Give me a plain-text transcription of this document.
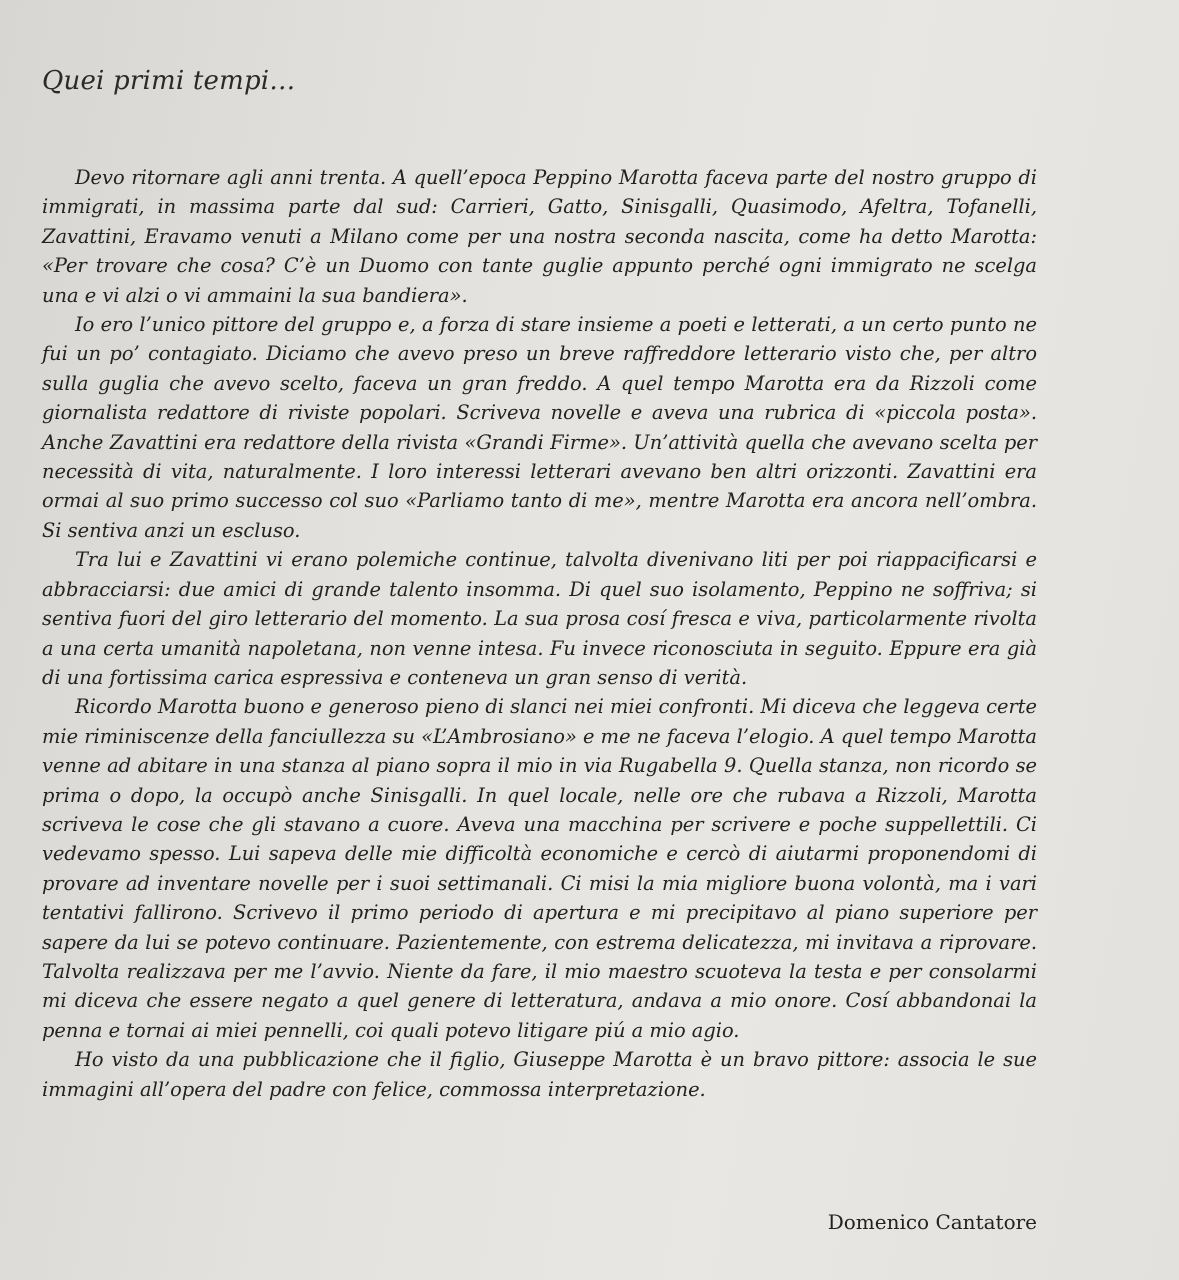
Quei primi tempi…

Devo ritornare agli anni trenta. A quell’epoca Peppino Marotta faceva parte del nostro gruppo di immigrati, in massima parte dal sud: Carrieri, Gatto, Sinisgalli, Quasimodo, Afeltra, Tofanelli, Zavattini, Eravamo venuti a Milano come per una nostra seconda nascita, come ha detto Marotta: «Per trovare che cosa? C’è un Duomo con tante guglie appunto perché ogni immigrato ne scelga una e vi alzi o vi ammaini la sua bandiera».

Io ero l’unico pittore del gruppo e, a forza di stare insieme a poeti e letterati, a un certo punto ne fui un po’ contagiato. Diciamo che avevo preso un breve raffreddore letterario visto che, per altro sulla guglia che avevo scelto, faceva un gran freddo. A quel tempo Marotta era da Rizzoli come giornalista redattore di riviste popolari. Scriveva novelle e aveva una rubrica di «piccola posta». Anche Zavattini era redattore della rivista «Grandi Firme». Un’attività quella che avevano scelta per necessità di vita, naturalmente. I loro interessi letterari avevano ben altri orizzonti. Zavattini era ormai al suo primo successo col suo «Parliamo tanto di me», mentre Marotta era ancora nell’ombra. Si sentiva anzi un escluso.

Tra lui e Zavattini vi erano polemiche continue, talvolta divenivano liti per poi riappacificarsi e abbracciarsi: due amici di grande talento insomma. Di quel suo isolamento, Peppino ne soffriva; si sentiva fuori del giro letterario del momento. La sua prosa cosí fresca e viva, particolarmente rivolta a una certa umanità napoletana, non venne intesa. Fu invece riconosciuta in seguito. Eppure era già di una fortissima carica espressiva e conteneva un gran senso di verità.

Ricordo Marotta buono e generoso pieno di slanci nei miei confronti. Mi diceva che leggeva certe mie riminiscenze della fanciullezza su «L’Ambrosiano» e me ne faceva l’elogio. A quel tempo Marotta venne ad abitare in una stanza al piano sopra il mio in via Rugabella 9. Quella stanza, non ricordo se prima o dopo, la occupò anche Sinisgalli. In quel locale, nelle ore che rubava a Rizzoli, Marotta scriveva le cose che gli stavano a cuore. Aveva una macchina per scrivere e poche suppellettili. Ci vedevamo spesso. Lui sapeva delle mie difficoltà economiche e cercò di aiutarmi proponendomi di provare ad inventare novelle per i suoi settimanali. Ci misi la mia migliore buona volontà, ma i vari tentativi fallirono. Scrivevo il primo periodo di apertura e mi precipitavo al piano superiore per sapere da lui se potevo continuare. Pazientemente, con estrema delicatezza, mi invitava a riprovare. Talvolta realizzava per me l’avvio. Niente da fare, il mio maestro scuoteva la testa e per consolarmi mi diceva che essere negato a quel genere di letteratura, andava a mio onore. Cosí abbandonai la penna e tornai ai miei pennelli, coi quali potevo litigare piú a mio agio.

Ho visto da una pubblicazione che il figlio, Giuseppe Marotta è un bravo pittore: associa le sue immagini all’opera del padre con felice, commossa interpretazione.

Domenico Cantatore
